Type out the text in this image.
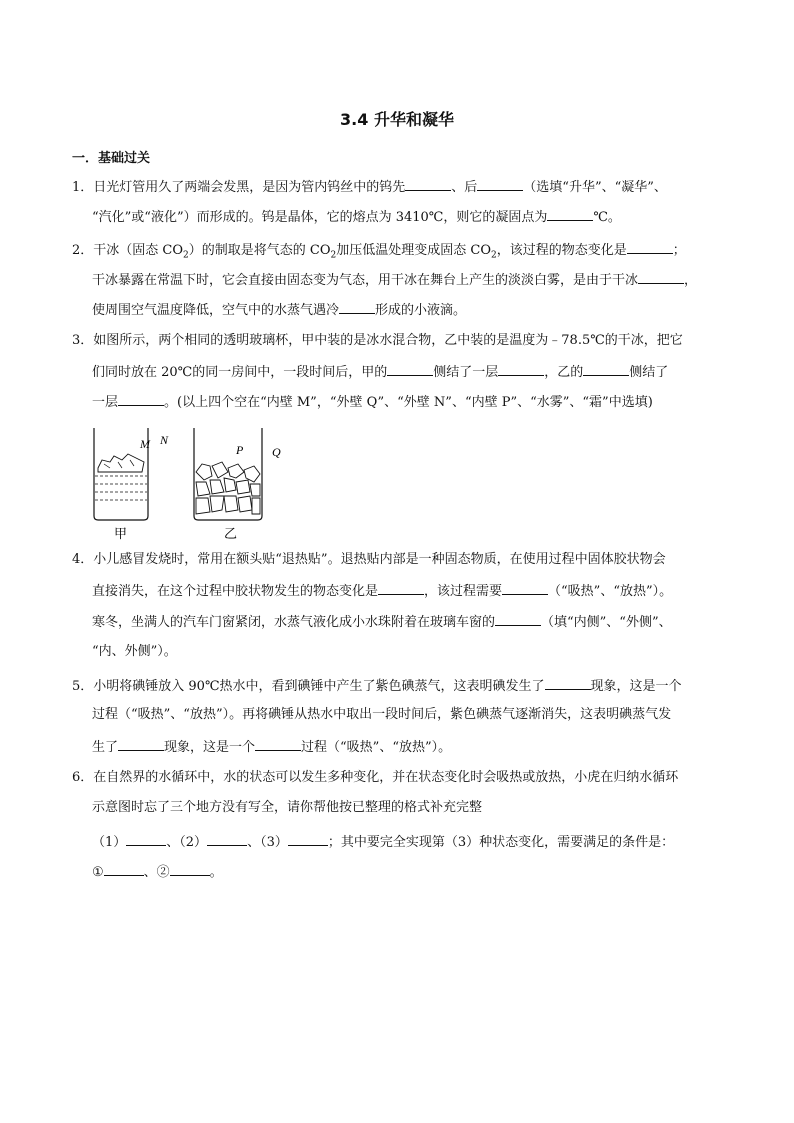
3.4 升华和凝华
一．基础过关
1．日光灯管用久了两端会发黑，是因为管内钨丝中的钨先	、后	（选填“升华”、“凝华”、
“汽化”或“液化”）而形成的。钨是晶体，它的熔点为 3410℃，则它的凝固点为	℃。
2．干冰（固态 $CO_2$）的制取是将气态的 $CO_2$加压低温处理变成固态 $CO_2$，该过程的物态变化是	；
干冰暴露在常温下时，它会直接由固态变为气态，用干冰在舞台上产生的淡淡白雾，是由于干冰	，
使周围空气温度降低，空气中的水蒸气遇冷	形成的小液滴。
3．如图所示，两个相同的透明玻璃杯，甲中装的是冰水混合物，乙中装的是温度为﹣78.5℃的干冰，把它
们同时放在 20℃的同一房间中，一段时间后，甲的	侧结了一层	，乙的	侧结了
一层	。(以上四个空在“内壁 M”，“外壁 Q”、“外壁 N”、“内壁 P”、“水雾”、“霜”中选填)
M N
甲
P Q
乙
4．小儿感冒发烧时，常用在额头贴“退热贴”。退热贴内部是一种固态物质，在使用过程中固体胶状物会
直接消失，在这个过程中胶状物发生的物态变化是	，该过程需要	（“吸热”、“放热”）。
寒冬，坐满人的汽车门窗紧闭，水蒸气液化成小水珠附着在玻璃车窗的	（填“内侧”、“外侧”、
“内、外侧”）。
5．小明将碘锤放入 90℃热水中，看到碘锤中产生了紫色碘蒸气，这表明碘发生了	现象，这是一个
过程（“吸热”、“放热”）。再将碘锤从热水中取出一段时间后，紫色碘蒸气逐渐消失，这表明碘蒸气发
生了	现象，这是一个	过程（“吸热”、“放热”）。
6．在自然界的水循环中，水的状态可以发生多种变化，并在状态变化时会吸热或放热，小虎在归纳水循环
示意图时忘了三个地方没有写全，请你帮他按已整理的格式补充完整
（1）	、（2）	、（3）	；其中要完全实现第（3）种状态变化，需要满足的条件是：
①	、②	。
